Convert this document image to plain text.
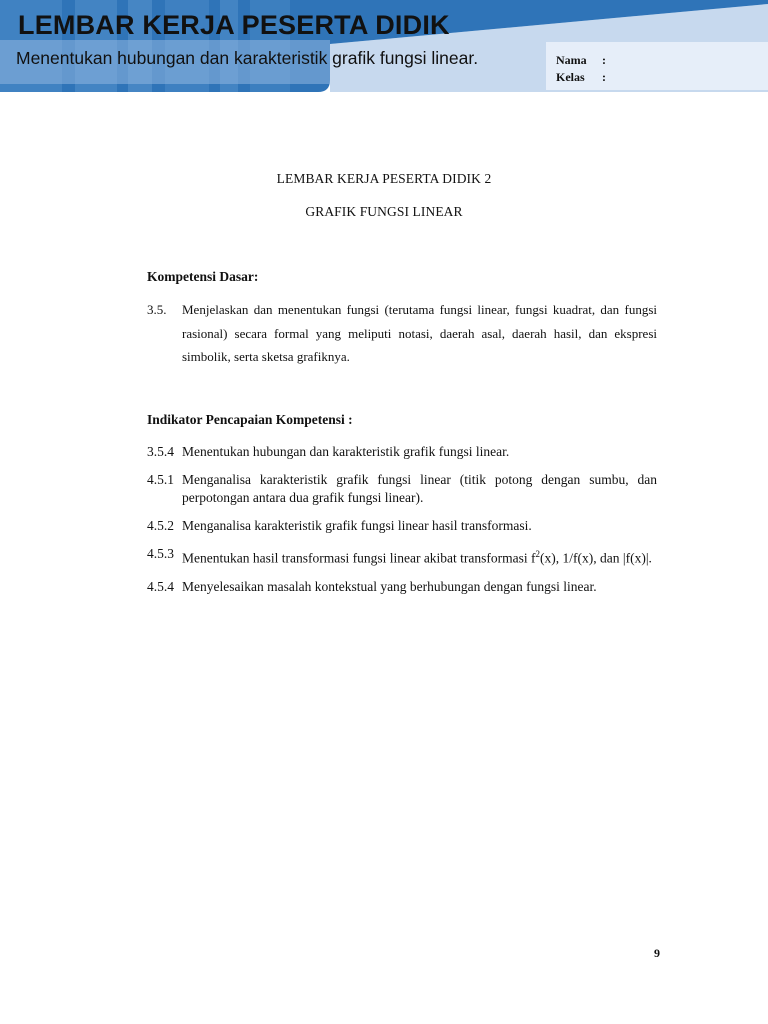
LEMBAR KERJA PESERTA DIDIK
Menentukan hubungan dan karakteristik grafik fungsi linear.	Nama	:
Kelas	:
LEMBAR KERJA PESERTA DIDIK 2
GRAFIK FUNGSI LINEAR
Kompetensi Dasar:
3.5.	Menjelaskan dan menentukan fungsi (terutama fungsi linear, fungsi kuadrat, dan fungsi rasional) secara formal yang meliputi notasi, daerah asal, daerah hasil, dan ekspresi simbolik, serta sketsa grafiknya.
Indikator Pencapaian Kompetensi :
3.5.4 Menentukan hubungan dan karakteristik grafik fungsi linear.
4.5.1 Menganalisa karakteristik grafik fungsi linear (titik potong dengan sumbu, dan perpotongan antara dua grafik fungsi linear).
4.5.2 Menganalisa karakteristik grafik fungsi linear hasil transformasi.
4.5.3 Menentukan hasil transformasi fungsi linear akibat transformasi $f^2(x)$, 1/f(x), dan |f(x)|.
4.5.4 Menyelesaikan masalah kontekstual yang berhubungan dengan fungsi linear.
9
